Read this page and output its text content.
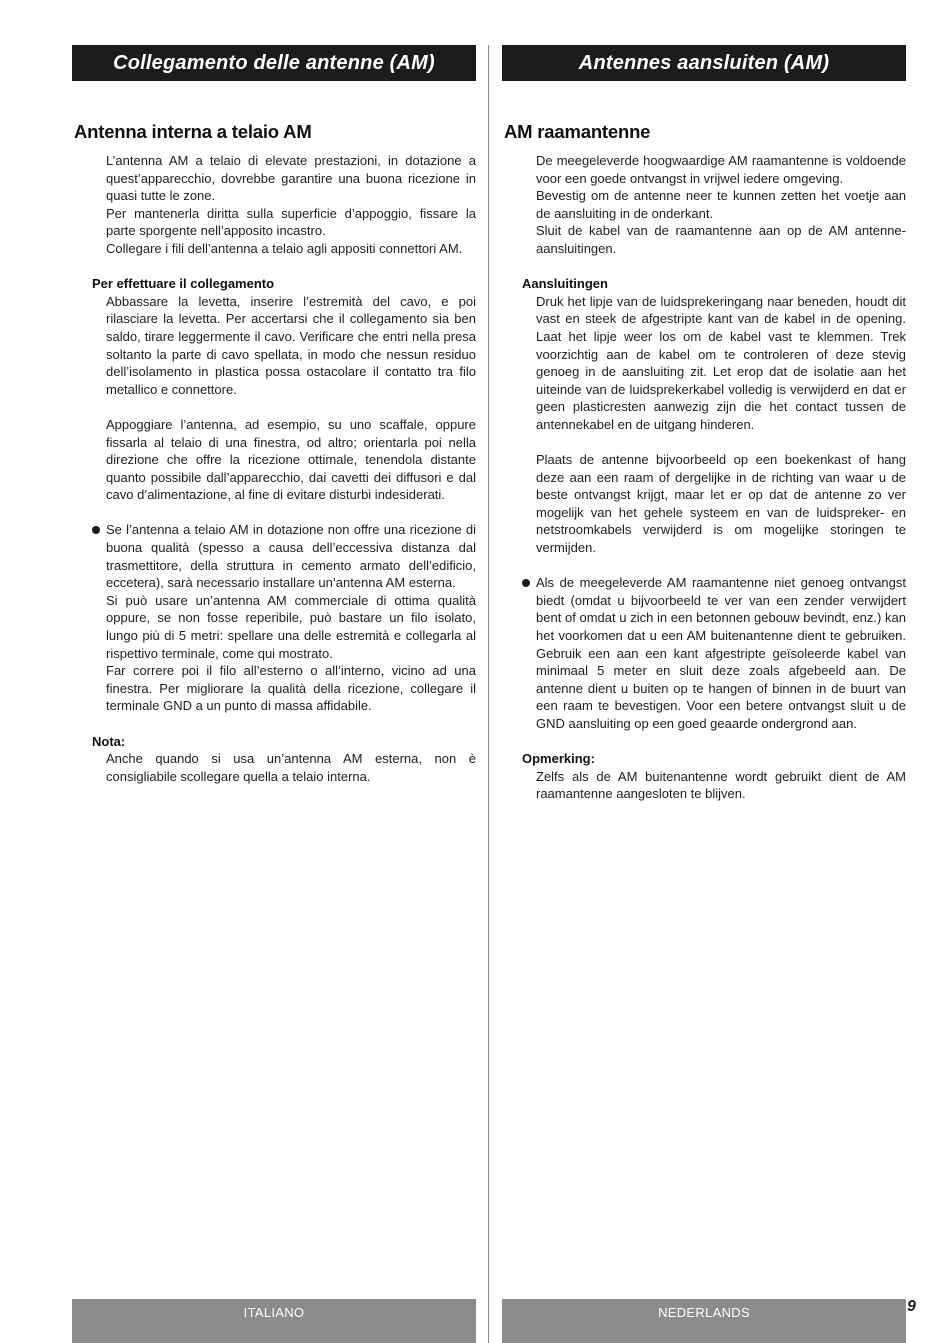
Collegamento delle antenne (AM)
Antenna interna a telaio AM

L’antenna AM a telaio di elevate prestazioni, in dotazione a quest’apparecchio, dovrebbe garantire una buona ricezione in quasi tutte le zone.

Per mantenerla diritta sulla superficie d’appoggio, fissare la parte sporgente nell’apposito incastro.

Collegare i fili dell’antenna a telaio agli appositi connettori AM.

Per effettuare il collegamento

Abbassare la levetta, inserire l’estremità del cavo, e poi rilasciare la levetta. Per accertarsi che il collegamento sia ben saldo, tirare leggermente il cavo. Verificare che entri nella presa soltanto la parte di cavo spellata, in modo che nessun residuo dell’isolamento in plastica possa ostacolare il contatto tra filo metallico e connettore.

Appoggiare l’antenna, ad esempio, su uno scaffale, oppure fissarla al telaio di una finestra, od altro; orientarla poi nella direzione che offre la ricezione ottimale, tenendola distante quanto possibile dall’apparecchio, dai cavetti dei diffusori e dal cavo d’alimentazione, al fine di evitare disturbi indesiderati.

Se l’antenna a telaio AM in dotazione non offre una ricezione di buona qualità (spesso a causa dell’eccessiva distanza dal trasmettitore, della struttura in cemento armato dell’edificio, eccetera), sarà necessario installare un’antenna AM esterna.

Si può usare un’antenna AM commerciale di ottima qualità oppure, se non fosse reperibile, può bastare un filo isolato, lungo più di 5 metri: spellare una delle estremità e collegarla al rispettivo terminale, come qui mostrato.

Far correre poi il filo all’esterno o all’interno, vicino ad una finestra. Per migliorare la qualità della ricezione, collegare il terminale GND a un punto di massa affidabile.

Nota:

Anche quando si usa un’antenna AM esterna, non è consigliabile scollegare quella a telaio interna.

Antennes aansluiten (AM)
AM raamantenne

De meegeleverde hoogwaardige AM raamantenne is voldoende voor een goede ontvangst in vrijwel iedere omgeving.

Bevestig om de antenne neer te kunnen zetten het voetje aan de aansluiting in de onderkant.

Sluit de kabel van de raamantenne aan op de AM antenne-aansluitingen.

Aansluitingen

Druk het lipje van de luidsprekeringang naar beneden, houdt dit vast en steek de afgestripte kant van de kabel in de opening. Laat het lipje weer los om de kabel vast te klemmen. Trek voorzichtig aan de kabel om te controleren of deze stevig genoeg in de aansluiting zit. Let erop dat de isolatie aan het uiteinde van de luidsprekerkabel volledig is verwijderd en dat er geen plasticresten aanwezig zijn die het contact tussen de antennekabel en de uitgang hinderen.

Plaats de antenne bijvoorbeeld op een boekenkast of hang deze aan een raam of dergelijke in de richting van waar u de beste ontvangst krijgt, maar let er op dat de antenne zo ver mogelijk van het gehele systeem en van de luidspreker- en netstroomkabels verwijderd is om mogelijke storingen te vermijden.

Als de meegeleverde AM raamantenne niet genoeg ontvangst biedt (omdat u bijvoorbeeld te ver van een zender verwijdert bent of omdat u zich in een betonnen gebouw bevindt, enz.) kan het voorkomen dat u een AM buitenantenne dient te gebruiken. Gebruik een aan een kant afgestripte geïsoleerde kabel van minimaal 5 meter en sluit deze zoals afgebeeld aan. De antenne dient u buiten op te hangen of binnen in de buurt van een raam te bevestigen. Voor een betere ontvangst sluit u de GND aansluiting op een goed geaarde ondergrond aan.

Opmerking:

Zelfs als de AM buitenantenne wordt gebruikt dient de AM raamantenne aangesloten te blijven.

ITALIANO	NEDERLANDS	9
